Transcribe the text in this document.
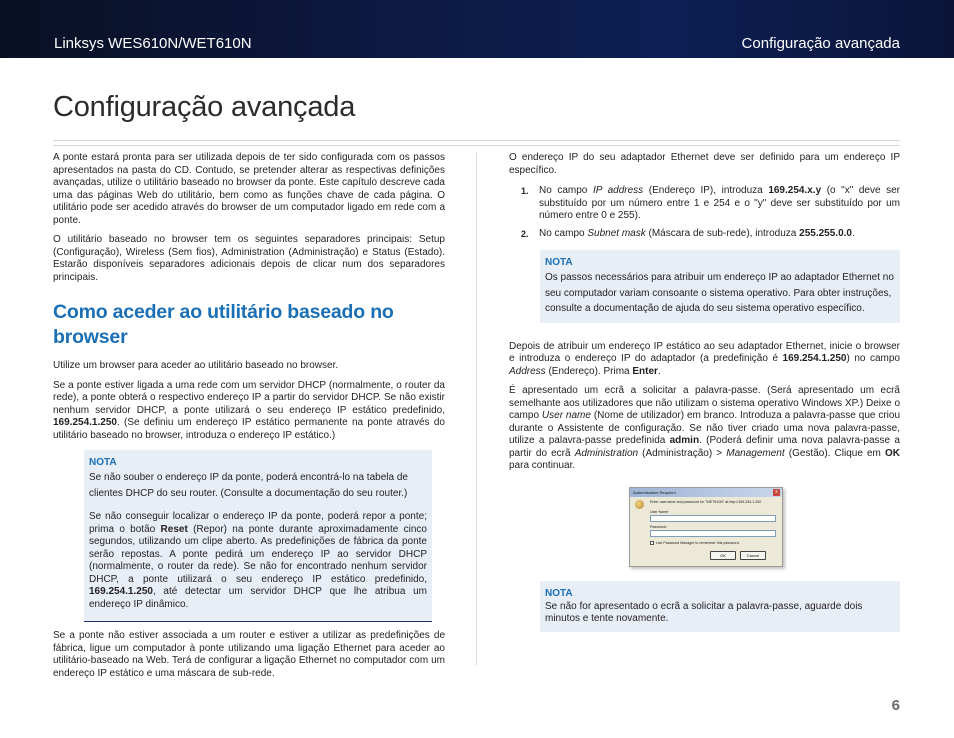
Linksys WES610N/WET610N	Configuração avançada
Configuração avançada

A ponte estará pronta para ser utilizada depois de ter sido configurada com os passos apresentados na pasta do CD. Contudo, se pretender alterar as respectivas definições avançadas, utilize o utilitário baseado no browser da ponte. Este capítulo descreve cada uma das páginas Web do utilitário, bem como as funções chave de cada página. O utilitário pode ser acedido através do browser de um computador ligado em rede com a ponte.

O utilitário baseado no browser tem os seguintes separadores principais: Setup (Configuração), Wireless (Sem fios), Administration (Administração) e Status (Estado). Estarão disponíveis separadores adicionais depois de clicar num dos separadores principais.

Como aceder ao utilitário baseado no browser

Utilize um browser para aceder ao utilitário baseado no browser.

Se a ponte estiver ligada a uma rede com um servidor DHCP (normalmente, o router da rede), a ponte obterá o respectivo endereço IP a partir do servidor DHCP. Se não existir nenhum servidor DHCP, a ponte utilizará o seu endereço IP estático predefinido, 169.254.1.250. (Se definiu um endereço IP estático permanente na ponte através do utilitário baseado no browser, introduza o endereço IP estático.)

NOTA

Se não souber o endereço IP da ponte, poderá encontrá-lo na tabela de clientes DHCP do seu router. (Consulte a documentação do seu router.)

Se não conseguir localizar o endereço IP da ponte, poderá repor a ponte; prima o botão Reset (Repor) na ponte durante aproximadamente cinco segundos, utilizando um clipe aberto. As predefinições de fábrica da ponte serão repostas. A ponte pedirá um endereço IP ao servidor DHCP (normalmente, o router da rede). Se não for encontrado nenhum servidor DHCP, a ponte utilizará o seu endereço IP estático predefinido, 169.254.1.250, até detectar um servidor DHCP que lhe atribua um endereço IP dinâmico.

Se a ponte não estiver associada a um router e estiver a utilizar as predefinições de fábrica, ligue um computador à ponte utilizando uma ligação Ethernet para aceder ao utilitário-baseado na Web. Terá de configurar a ligação Ethernet no computador com um endereço IP estático e uma máscara de sub-rede.

O endereço IP do seu adaptador Ethernet deve ser definido para um endereço IP específico.

1. No campo IP address (Endereço IP), introduza 169.254.x.y (o "x" deve ser substituído por um número entre 1 e 254 e o "y" deve ser substituído por um número entre 0 e 255).
2. No campo Subnet mask (Máscara de sub-rede), introduza 255.255.0.0.
NOTA

Os passos necessários para atribuir um endereço IP ao adaptador Ethernet no seu computador variam consoante o sistema operativo. Para obter instruções, consulte a documentação de ajuda do seu sistema operativo específico.

Depois de atribuir um endereço IP estático ao seu adaptador Ethernet, inicie o browser e introduza o endereço IP do adaptador (a predefinição é 169.254.1.250) no campo Address (Endereço). Prima Enter.

É apresentado um ecrã a solicitar a palavra-passe. (Será apresentado um ecrã semelhante aos utilizadores que não utilizam o sistema operativo Windows XP.) Deixe o campo User name (Nome de utilizador) em branco. Introduza a palavra-passe que criou durante o Assistente de configuração. Se não tiver criado uma nova palavra-passe, utilize a palavra-passe predefinida admin. (Poderá definir uma nova palavra-passe a partir do ecrã Administration (Administração) > Management (Gestão). Clique em OK para continuar.

Authentication Required	x
Enter username and password for "WET610N" at http://169.254.1.250
User Name:
Password:
Use Password Manager to remember this password.
OK	Cancel
NOTA

Se não for apresentado o ecrã a solicitar a palavra-passe, aguarde dois minutos e tente novamente.

6
